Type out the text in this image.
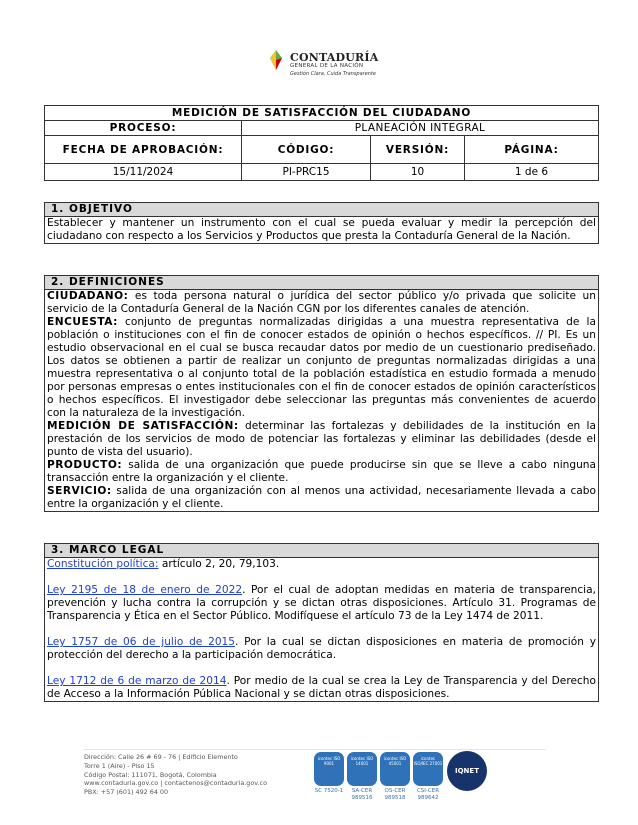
CONTADURÍA
GENERAL DE LA NACIÓN
Gestión Clara, Cuida Transparente
MEDICIÓN DE SATISFACCIÓN DEL CIUDADANO			
PROCESO:	PLANEACIÓN INTEGRAL		
FECHA DE APROBACIÓN:	CÓDIGO:	VERSIÓN:	PÁGINA:
15/11/2024	PI-PRC15	10	1 de 6
1. OBJETIVO

Establecer y mantener un instrumento con el cual se pueda evaluar y medir la percepción del ciudadano con respecto a los Servicios y Productos que presta la Contaduría General de la Nación.

2. DEFINICIONES

CIUDADANO: es toda persona natural o jurídica del sector público y/o privada que solicite un servicio de la Contaduría General de la Nación CGN por los diferentes canales de atención.

ENCUESTA: conjunto de preguntas normalizadas dirigidas a una muestra representativa de la población o instituciones con el fin de conocer estados de opinión o hechos específicos. // PI. Es un estudio observacional en el cual se busca recaudar datos por medio de un cuestionario prediseñado. Los datos se obtienen a partir de realizar un conjunto de preguntas normalizadas dirigidas a una muestra representativa o al conjunto total de la población estadística en estudio formada a menudo por personas empresas o entes institucionales con el fin de conocer estados de opinión característicos o hechos específicos. El investigador debe seleccionar las preguntas más convenientes de acuerdo con la naturaleza de la investigación.

MEDICIÓN DE SATISFACCIÓN: determinar las fortalezas y debilidades de la institución en la prestación de los servicios de modo de potenciar las fortalezas y eliminar las debilidades (desde el punto de vista del usuario).

PRODUCTO: salida de una organización que puede producirse sin que se lleve a cabo ninguna transacción entre la organización y el cliente.

SERVICIO: salida de una organización con al menos una actividad, necesariamente llevada a cabo entre la organización y el cliente.

3. MARCO LEGAL

Constitución política: artículo 2, 20, 79,103.

Ley 2195 de 18 de enero de 2022. Por el cual de adoptan medidas en materia de transparencia, prevención y lucha contra la corrupción y se dictan otras disposiciones. Artículo 31. Programas de Transparencia y Ética en el Sector Público. Modifíquese el artículo 73 de la Ley 1474 de 2011.

Ley 1757 de 06 de julio de 2015. Por la cual se dictan disposiciones en materia de promoción y protección del derecho a la participación democrática.

Ley 1712 de 6 de marzo de 2014. Por medio de la cual se crea la Ley de Transparencia y del Derecho de Acceso a la Información Pública Nacional y se dictan otras disposiciones.

Dirección: Calle 26 # 69 - 76 | Edificio Elemento
Torre 1 (Aire) - Piso 15
Código Postal: 111071, Bogotá, Colombia
www.contaduria.gov.co | contactenos@contaduria.gov.co
PBX: +57 (601) 492 64 00
icontec ISO 9001
SC 7520-1
icontec ISO 14001
SA-CER 989516
icontec ISO 45001
OS-CER 989518
icontec ISO/IEC 27001
CSI-CER 989642
IQNET
